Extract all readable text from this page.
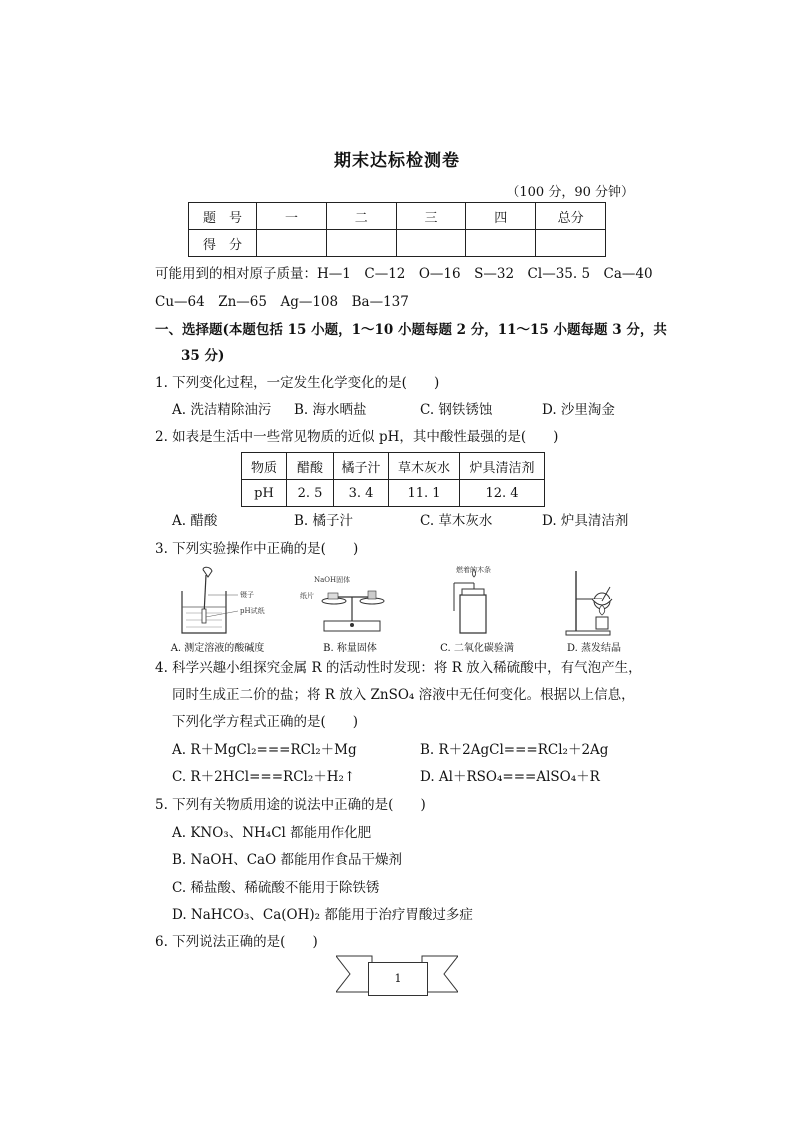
期末达标检测卷
（100 分，90 分钟）
题　号	一	二	三	四	总分
得　分					
可能用到的相对原子质量：H—1　C—12　O—16　S—32　Cl—35. 5　Ca—40
Cu—64　Zn—65　Ag—108　Ba—137
一、选择题(本题包括 15 小题，1～10 小题每题 2 分，11～15 小题每题 3 分，共
35 分)
1. 下列变化过程，一定发生化学变化的是(　　)
A. 洗洁精除油污	B. 海水晒盐	C. 钢铁锈蚀	D. 沙里淘金
2. 如表是生活中一些常见物质的近似 pH，其中酸性最强的是(　　)
物质	醋酸	橘子汁	草木灰水	炉具清洁剂
pH	2. 5	3. 4	11. 1	12. 4
A. 醋酸	B. 橘子汁	C. 草木灰水	D. 炉具清洁剂
3. 下列实验操作中正确的是(　　)
镊子
pH试纸
A. 测定溶液的酸碱度
NaOH固体
纸片
B. 称量固体
燃着的木条
C. 二氧化碳验满	D. 蒸发结晶
4. 科学兴趣小组探究金属 R 的活动性时发现：将 R 放入稀硫酸中，有气泡产生，
同时生成正二价的盐；将 R 放入 ZnSO₄ 溶液中无任何变化。根据以上信息，
下列化学方程式正确的是(　　)
A. R＋MgCl₂===RCl₂＋Mg	B. R＋2AgCl===RCl₂＋2Ag
C. R＋2HCl===RCl₂＋H₂↑	D. Al＋RSO₄===AlSO₄＋R
5. 下列有关物质用途的说法中正确的是(　　)
A. KNO₃、NH₄Cl 都能用作化肥
B. NaOH、CaO 都能用作食品干燥剂
C. 稀盐酸、稀硫酸不能用于除铁锈
D. NaHCO₃、Ca(OH)₂ 都能用于治疗胃酸过多症
6. 下列说法正确的是(　　)
1
